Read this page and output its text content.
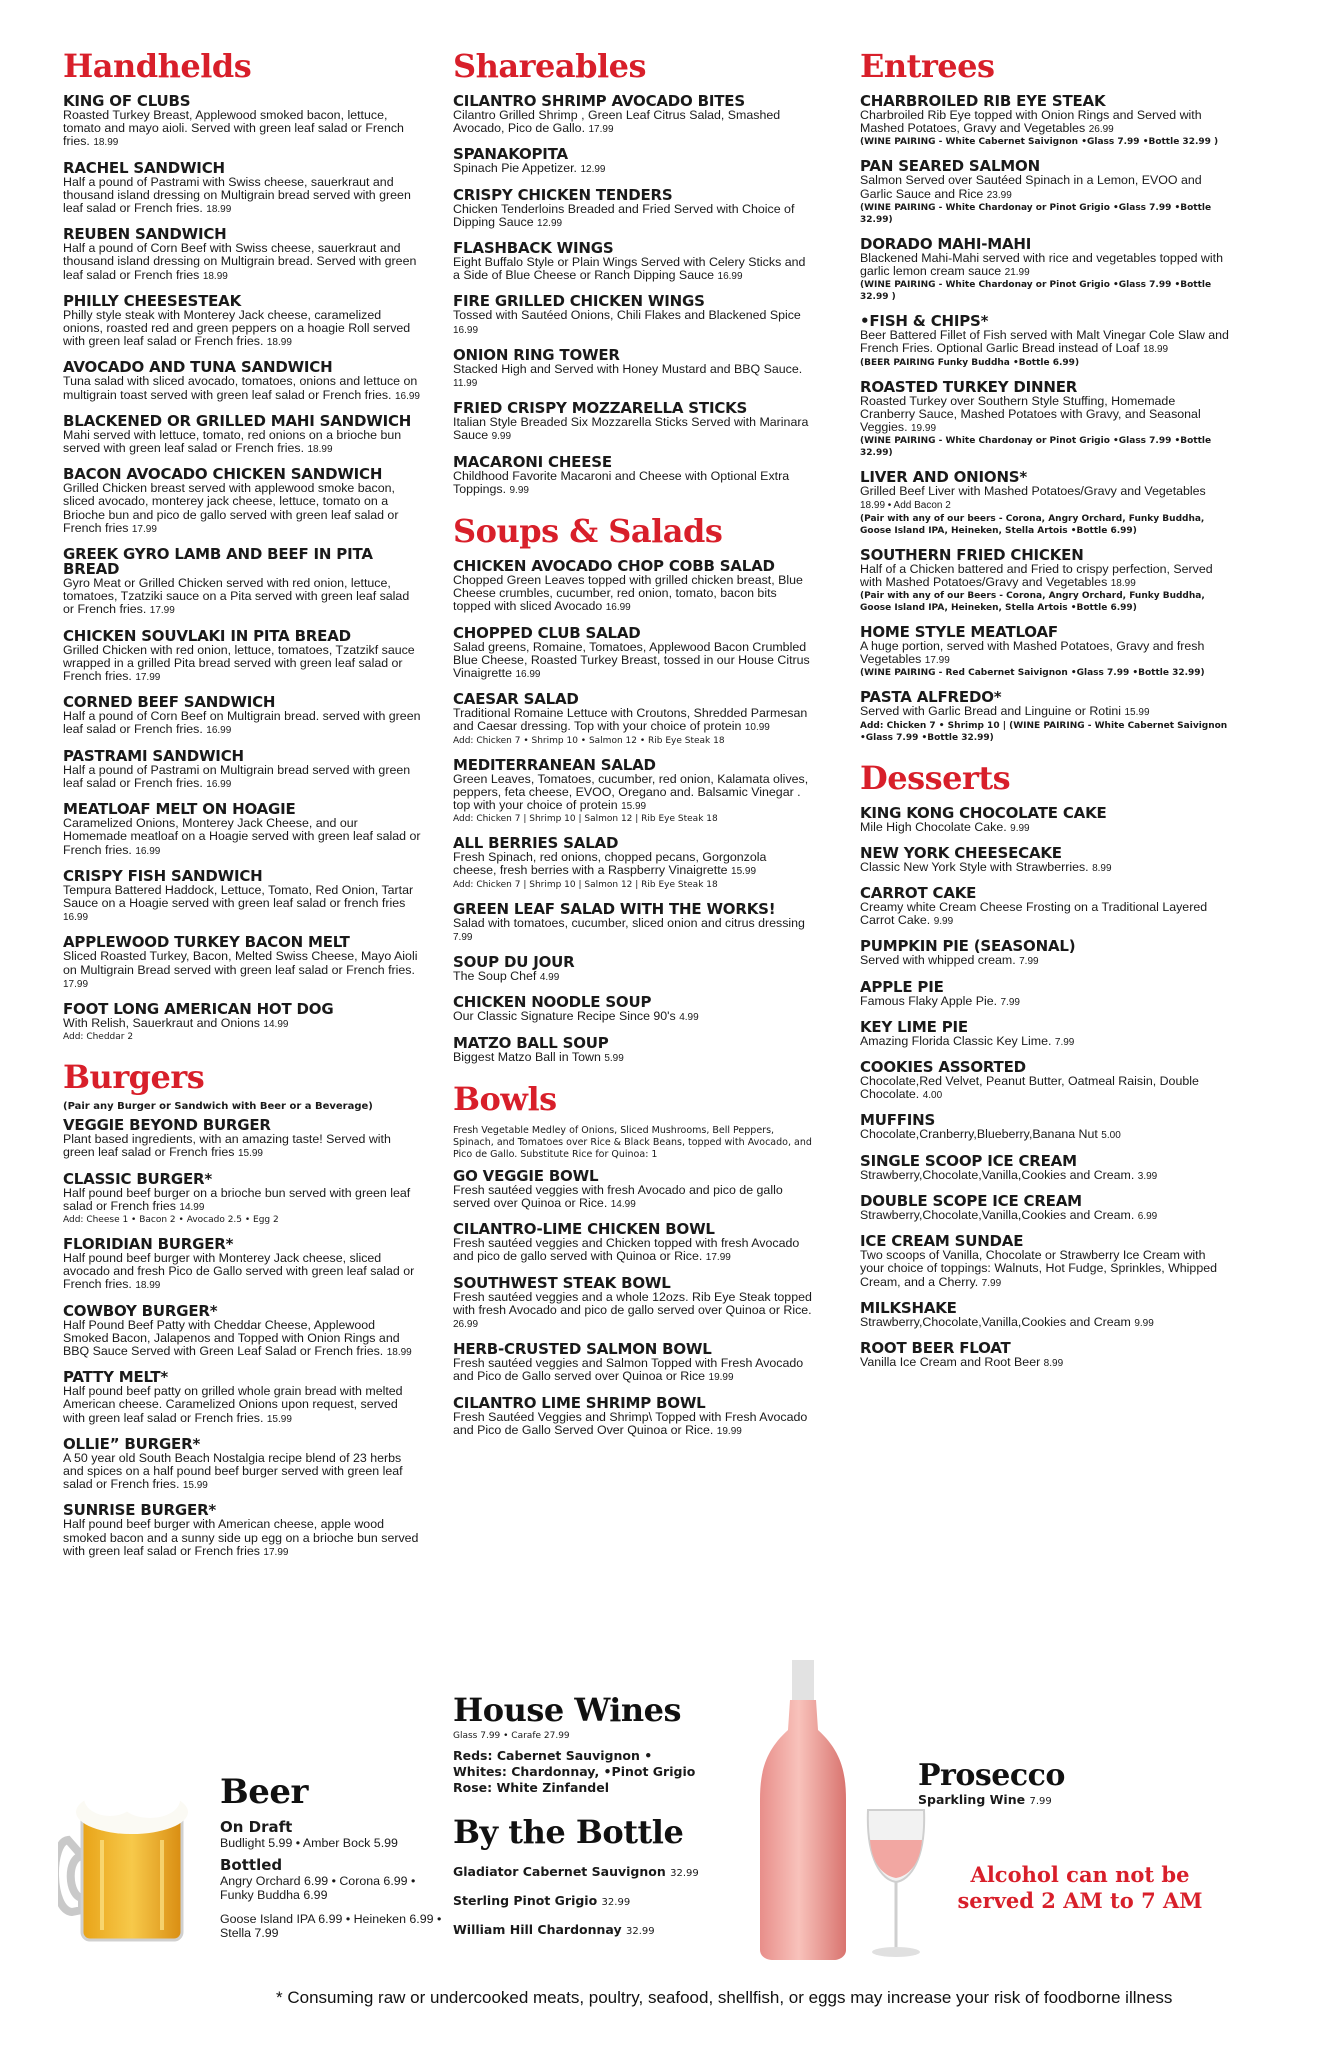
Handhelds
KING OF CLUBS
Roasted Turkey Breast, Applewood smoked bacon, lettuce, tomato and mayo aioli. Served with green leaf salad or French fries. 18.99
RACHEL SANDWICH
Half a pound of Pastrami with Swiss cheese, sauerkraut and thousand island dressing on Multigrain bread served with green leaf salad or French fries. 18.99
REUBEN SANDWICH
Half a pound of Corn Beef with Swiss cheese, sauerkraut and thousand island dressing on Multigrain bread. Served with green leaf salad or French fries 18.99
PHILLY CHEESESTEAK
Philly style steak with Monterey Jack cheese, caramelized onions, roasted red and green peppers on a hoagie Roll served with green leaf salad or French fries. 18.99
AVOCADO AND TUNA SANDWICH
Tuna salad with sliced avocado, tomatoes, onions and lettuce on multigrain toast served with green leaf salad or French fries. 16.99
BLACKENED OR GRILLED MAHI SANDWICH
Mahi served with lettuce, tomato, red onions on a brioche bun served with green leaf salad or French fries. 18.99
BACON AVOCADO CHICKEN SANDWICH
Grilled Chicken breast served with applewood smoke bacon, sliced avocado, monterey jack cheese, lettuce, tomato on a Brioche bun and pico de gallo served with green leaf salad or French fries 17.99
GREEK GYRO LAMB AND BEEF IN PITA BREAD
Gyro Meat or Grilled Chicken served with red onion, lettuce, tomatoes, Tzatziki sauce on a Pita served with green leaf salad or French fries. 17.99
CHICKEN SOUVLAKI IN PITA BREAD
Grilled Chicken with red onion, lettuce, tomatoes, Tzatzikf sauce wrapped in a grilled Pita bread served with green leaf salad or French fries. 17.99
CORNED BEEF SANDWICH
Half a pound of Corn Beef on Multigrain bread. served with green leaf salad or French fries. 16.99
PASTRAMI SANDWICH
Half a pound of Pastrami on Multigrain bread served with green leaf salad or French fries. 16.99
MEATLOAF MELT ON HOAGIE
Caramelized Onions, Monterey Jack Cheese, and our Homemade meatloaf on a Hoagie served with green leaf salad or French fries. 16.99
CRISPY FISH SANDWICH
Tempura Battered Haddock, Lettuce, Tomato, Red Onion, Tartar Sauce on a Hoagie served with green leaf salad or french fries 16.99
APPLEWOOD TURKEY BACON MELT
Sliced Roasted Turkey, Bacon, Melted Swiss Cheese, Mayo Aioli on Multigrain Bread served with green leaf salad or French fries. 17.99
FOOT LONG AMERICAN HOT DOG
With Relish, Sauerkraut and Onions 14.99
Add: Cheddar 2
Burgers
(Pair any Burger or Sandwich with Beer or a Beverage)
VEGGIE BEYOND BURGER
Plant based ingredients, with an amazing taste! Served with green leaf salad or French fries 15.99
CLASSIC BURGER*
Half pound beef burger on a brioche bun served with green leaf salad or French fries 14.99
Add: Cheese 1 • Bacon 2 • Avocado 2.5 • Egg 2
FLORIDIAN BURGER*
Half pound beef burger with Monterey Jack cheese, sliced avocado and fresh Pico de Gallo served with green leaf salad or French fries. 18.99
COWBOY BURGER*
Half Pound Beef Patty with Cheddar Cheese, Applewood Smoked Bacon, Jalapenos and Topped with Onion Rings and BBQ Sauce Served with Green Leaf Salad or French fries. 18.99
PATTY MELT*
Half pound beef patty on grilled whole grain bread with melted American cheese. Caramelized Onions upon request, served with green leaf salad or French fries. 15.99
OLLIE” BURGER*
A 50 year old South Beach Nostalgia recipe blend of 23 herbs and spices on a half pound beef burger served with green leaf salad or French fries. 15.99
SUNRISE BURGER*
Half pound beef burger with American cheese, apple wood smoked bacon and a sunny side up egg on a brioche bun served with green leaf salad or French fries 17.99
Shareables
CILANTRO SHRIMP AVOCADO BITES
Cilantro Grilled Shrimp , Green Leaf Citrus Salad, Smashed Avocado, Pico de Gallo. 17.99
SPANAKOPITA
Spinach Pie Appetizer. 12.99
CRISPY CHICKEN TENDERS
Chicken Tenderloins Breaded and Fried Served with Choice of Dipping Sauce 12.99
FLASHBACK WINGS
Eight Buffalo Style or Plain Wings Served with Celery Sticks and a Side of Blue Cheese or Ranch Dipping Sauce 16.99
FIRE GRILLED CHICKEN WINGS
Tossed with Sautéed Onions, Chili Flakes and Blackened Spice 16.99
ONION RING TOWER
Stacked High and Served with Honey Mustard and BBQ Sauce. 11.99
FRIED CRISPY MOZZARELLA STICKS
Italian Style Breaded Six Mozzarella Sticks Served with Marinara Sauce 9.99
MACARONI CHEESE
Childhood Favorite Macaroni and Cheese with Optional Extra Toppings. 9.99
Soups & Salads
CHICKEN AVOCADO CHOP COBB SALAD
Chopped Green Leaves topped with grilled chicken breast, Blue Cheese crumbles, cucumber, red onion, tomato, bacon bits topped with sliced Avocado 16.99
CHOPPED CLUB SALAD
Salad greens, Romaine, Tomatoes, Applewood Bacon Crumbled Blue Cheese, Roasted Turkey Breast, tossed in our House Citrus Vinaigrette 16.99
CAESAR SALAD
Traditional Romaine Lettuce with Croutons, Shredded Parmesan and Caesar dressing. Top with your choice of protein 10.99
Add: Chicken 7 • Shrimp 10 • Salmon 12 • Rib Eye Steak 18
MEDITERRANEAN SALAD
Green Leaves, Tomatoes, cucumber, red onion, Kalamata olives, peppers, feta cheese, EVOO, Oregano and. Balsamic Vinegar . top with your choice of protein 15.99
Add: Chicken 7 | Shrimp 10 | Salmon 12 | Rib Eye Steak 18
ALL BERRIES SALAD
Fresh Spinach, red onions, chopped pecans, Gorgonzola cheese, fresh berries with a Raspberry Vinaigrette 15.99
Add: Chicken 7 | Shrimp 10 | Salmon 12 | Rib Eye Steak 18
GREEN LEAF SALAD WITH THE WORKS!
Salad with tomatoes, cucumber, sliced onion and citrus dressing 7.99
SOUP DU JOUR
The Soup Chef 4.99
CHICKEN NOODLE SOUP
Our Classic Signature Recipe Since 90's 4.99
MATZO BALL SOUP
Biggest Matzo Ball in Town 5.99
Bowls
Fresh Vegetable Medley of Onions, Sliced Mushrooms, Bell Peppers, Spinach, and Tomatoes over Rice & Black Beans, topped with Avocado, and Pico de Gallo. Substitute Rice for Quinoa: 1
GO VEGGIE BOWL
Fresh sautéed veggies with fresh Avocado and pico de gallo served over Quinoa or Rice. 14.99
CILANTRO-LIME CHICKEN BOWL
Fresh sautéed veggies and Chicken topped with fresh Avocado and pico de gallo served with Quinoa or Rice. 17.99
SOUTHWEST STEAK BOWL
Fresh sautéed veggies and a whole 12ozs. Rib Eye Steak topped with fresh Avocado and pico de gallo served over Quinoa or Rice. 26.99
HERB-CRUSTED SALMON BOWL
Fresh sautéed veggies and Salmon Topped with Fresh Avocado and Pico de Gallo served over Quinoa or Rice 19.99
CILANTRO LIME SHRIMP BOWL
Fresh Sautéed Veggies and Shrimp\ Topped with Fresh Avocado and Pico de Gallo Served Over Quinoa or Rice. 19.99
Entrees
CHARBROILED RIB EYE STEAK
Charbroiled Rib Eye topped with Onion Rings and Served with Mashed Potatoes, Gravy and Vegetables 26.99
(WINE PAIRING - White Cabernet Saivignon •Glass 7.99 •Bottle 32.99 )
PAN SEARED SALMON
Salmon Served over Sautéed Spinach in a Lemon, EVOO and Garlic Sauce and Rice 23.99
(WINE PAIRING - White Chardonay or Pinot Grigio •Glass 7.99 •Bottle 32.99)
DORADO MAHI-MAHI
Blackened Mahi-Mahi served with rice and vegetables topped with garlic lemon cream sauce 21.99
(WINE PAIRING - White Chardonay or Pinot Grigio •Glass 7.99 •Bottle 32.99 )
•FISH & CHIPS*
Beer Battered Fillet of Fish served with Malt Vinegar Cole Slaw and French Fries. Optional Garlic Bread instead of Loaf 18.99
(BEER PAIRING Funky Buddha •Bottle 6.99)
ROASTED TURKEY DINNER
Roasted Turkey over Southern Style Stuffing, Homemade Cranberry Sauce, Mashed Potatoes with Gravy, and Seasonal Veggies. 19.99
(WINE PAIRING - White Chardonay or Pinot Grigio •Glass 7.99 •Bottle 32.99)
LIVER AND ONIONS*
Grilled Beef Liver with Mashed Potatoes/Gravy and Vegetables 18.99 • Add Bacon 2
(Pair with any of our beers - Corona, Angry Orchard, Funky Buddha, Goose Island IPA, Heineken, Stella Artois •Bottle 6.99)
SOUTHERN FRIED CHICKEN
Half of a Chicken battered and Fried to crispy perfection, Served with Mashed Potatoes/Gravy and Vegetables 18.99
(Pair with any of our Beers - Corona, Angry Orchard, Funky Buddha, Goose Island IPA, Heineken, Stella Artois •Bottle 6.99)
HOME STYLE MEATLOAF
A huge portion, served with Mashed Potatoes, Gravy and fresh Vegetables 17.99
(WINE PAIRING - Red Cabernet Saivignon •Glass 7.99 •Bottle 32.99)
PASTA ALFREDO*
Served with Garlic Bread and Linguine or Rotini 15.99
Add: Chicken 7 • Shrimp 10 | (WINE PAIRING - White Cabernet Saivignon •Glass 7.99 •Bottle 32.99)
Desserts
KING KONG CHOCOLATE CAKE
Mile High Chocolate Cake. 9.99
NEW YORK CHEESECAKE
Classic New York Style with Strawberries. 8.99
CARROT CAKE
Creamy white Cream Cheese Frosting on a Traditional Layered Carrot Cake. 9.99
PUMPKIN PIE (SEASONAL)
Served with whipped cream. 7.99
APPLE PIE
Famous Flaky Apple Pie. 7.99
KEY LIME PIE
Amazing Florida Classic Key Lime. 7.99
COOKIES ASSORTED
Chocolate,Red Velvet, Peanut Butter, Oatmeal Raisin, Double Chocolate. 4.00
MUFFINS
Chocolate,Cranberry,Blueberry,Banana Nut 5.00
SINGLE SCOOP ICE CREAM
Strawberry,Chocolate,Vanilla,Cookies and Cream. 3.99
DOUBLE SCOPE ICE CREAM
Strawberry,Chocolate,Vanilla,Cookies and Cream. 6.99
ICE CREAM SUNDAE
Two scoops of Vanilla, Chocolate or Strawberry Ice Cream with your choice of toppings: Walnuts, Hot Fudge, Sprinkles, Whipped Cream, and a Cherry. 7.99
MILKSHAKE
Strawberry,Chocolate,Vanilla,Cookies and Cream 9.99
ROOT BEER FLOAT
Vanilla Ice Cream and Root Beer 8.99
Beer
On Draft
Budlight 5.99 • Amber Bock 5.99
Bottled
Angry Orchard 6.99 • Corona 6.99 • Funky Buddha 6.99
Goose Island IPA 6.99 • Heineken 6.99 • Stella 7.99
House Wines
Glass 7.99 • Carafe 27.99
Reds: Cabernet Sauvignon •
Whites: Chardonnay, •Pinot Grigio
Rose: White Zinfandel
By the Bottle
Gladiator Cabernet Sauvignon 32.99
Sterling Pinot Grigio 32.99
William Hill Chardonnay 32.99
Prosecco
Sparkling Wine 7.99
Alcohol can not be served 2 AM to 7 AM
* Consuming raw or undercooked meats, poultry, seafood, shellfish, or eggs may increase your risk of foodborne illness
